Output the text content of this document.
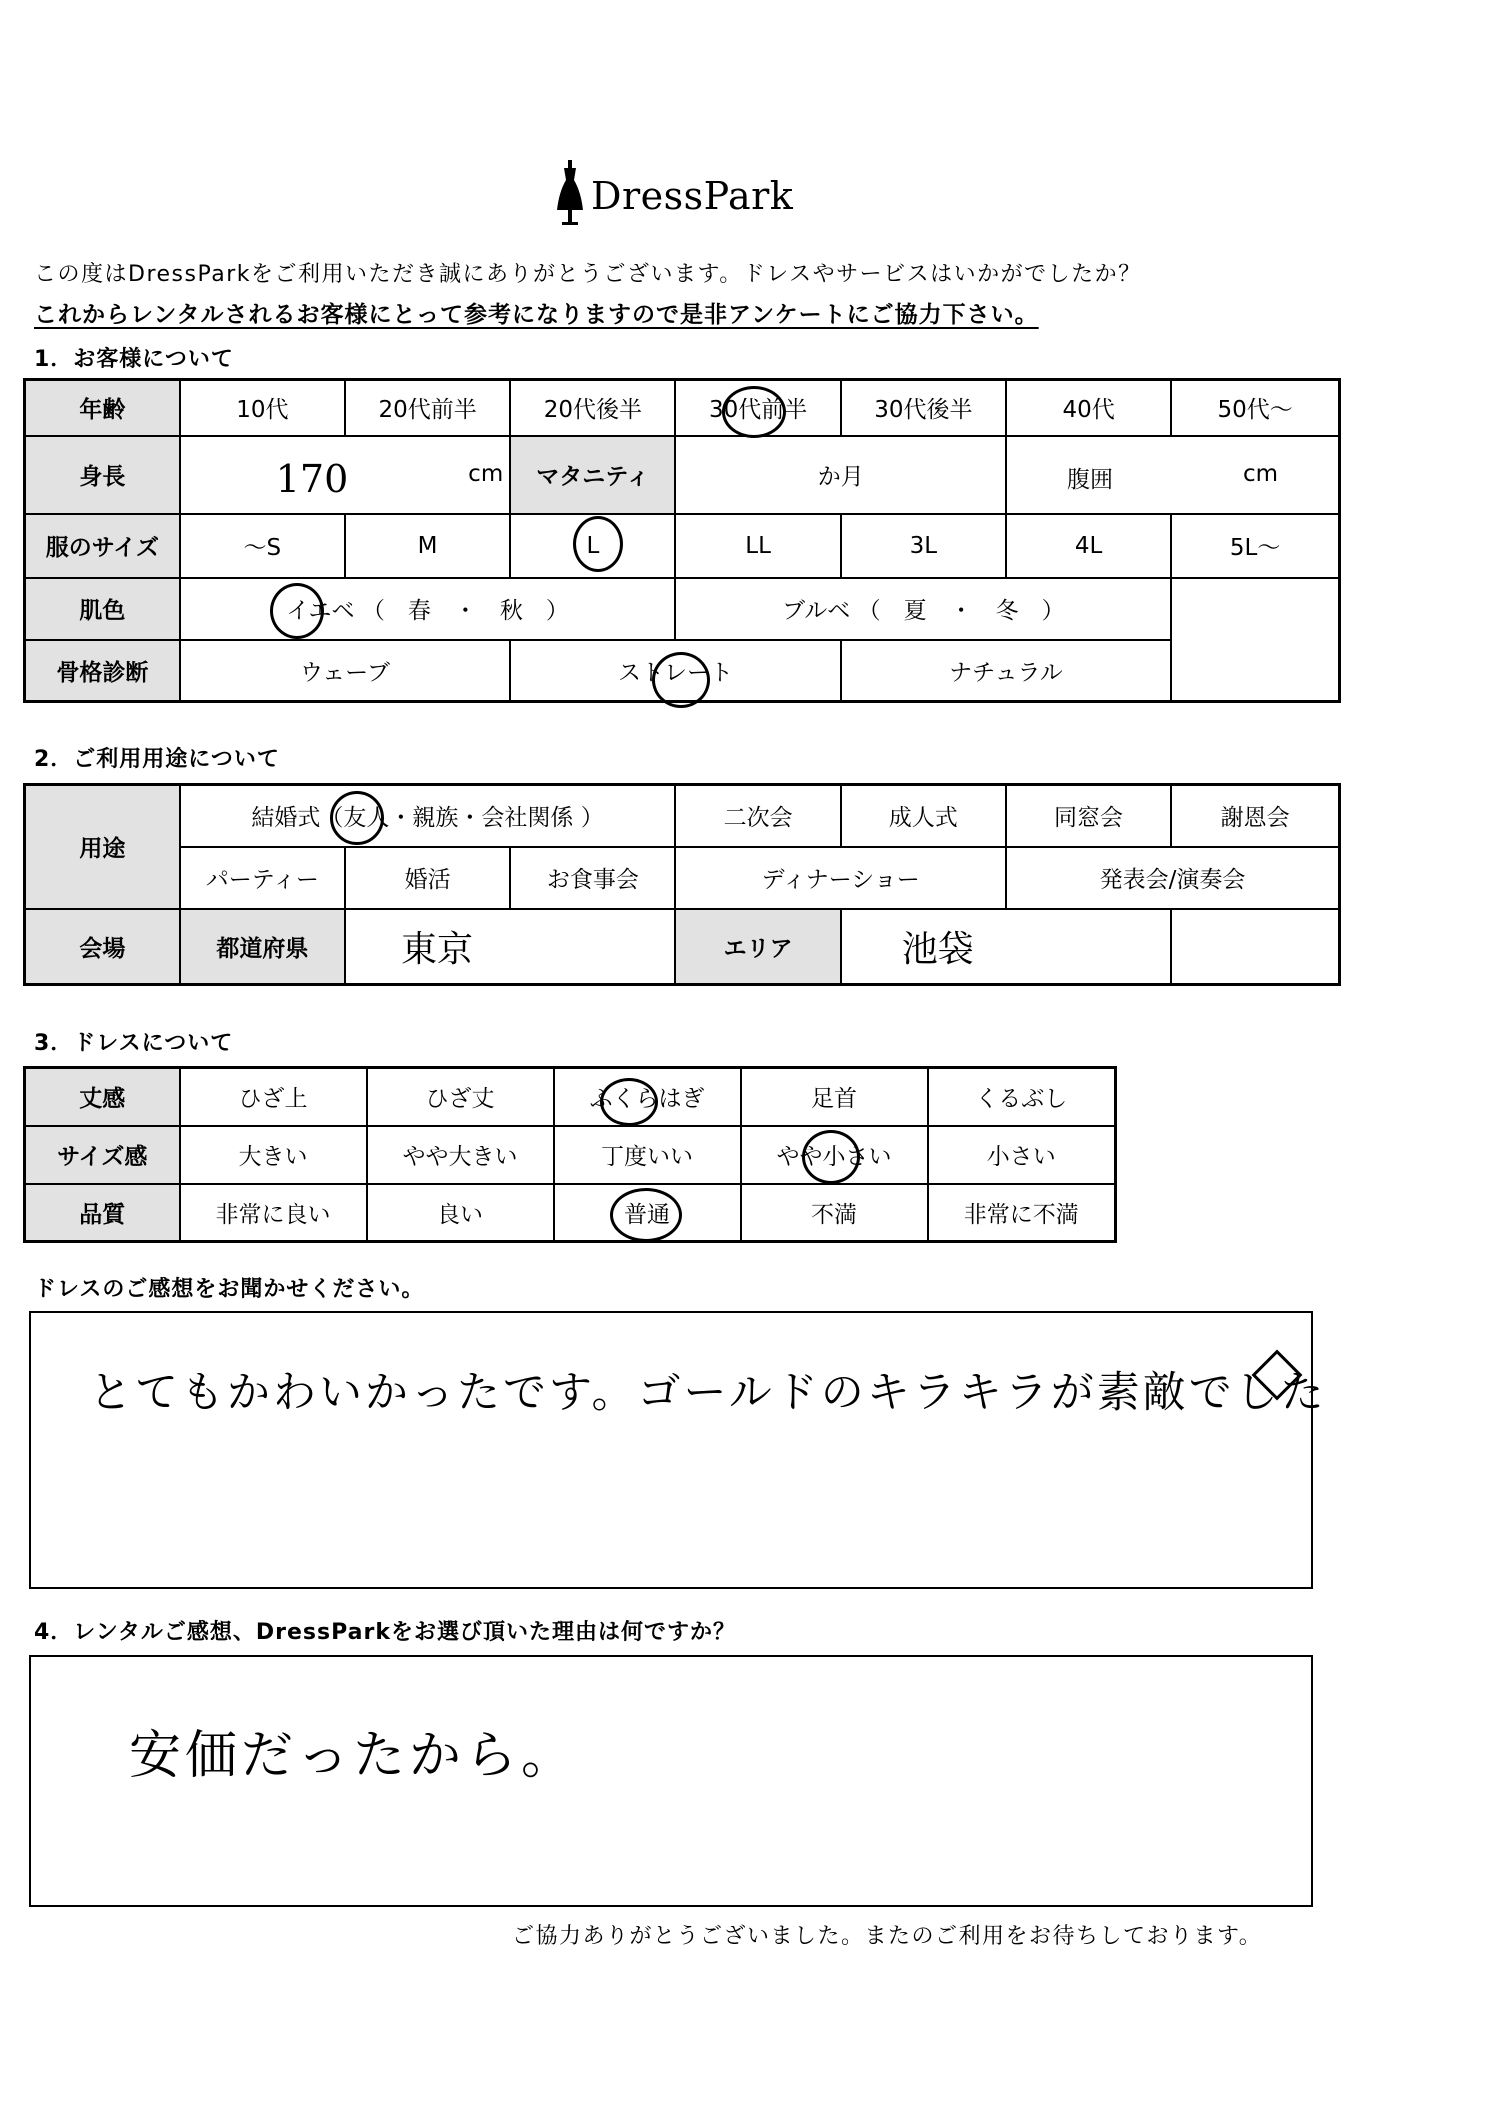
DressPark
この度はDressParkをご利用いただき誠にありがとうございます。ドレスやサービスはいかがでしたか？
これからレンタルされるお客様にとって参考になりますので是非アンケートにご協力下さい。
1．お客様について
年齢	10代	20代前半	20代後半	30代前半	30代後半	40代	50代〜
身長	170 cm		マタニティ	か月		腹囲 cm	

服のサイズ	〜S	M	L	LL	3L	4L	5L〜
肌色	イエベ （　春　・　秋　）			ブルベ （　夏　・　冬　）			
骨格診断	ウェーブ		ストレート		ナチュラル		
2．ご利用用途について
用途	結婚式（友人・親族・会社関係 ）			二次会	成人式	同窓会	謝恩会
	パーティー	婚活	お食事会	ディナーショー		発表会/演奏会	
会場	都道府県	東京		エリア	池袋		
3．ドレスについて
丈感	ひざ上	ひざ丈	ふくらはぎ	足首	くるぶし
サイズ感	大きい	やや大きい	丁度いい	やや小さい	小さい
品質	非常に良い	良い	普通	不満	非常に不満
ドレスのご感想をお聞かせください。
とてもかわいかったです。ゴールドのキラキラが素敵でした
4．レンタルご感想、DressParkをお選び頂いた理由は何ですか？
安価だったから。
ご協力ありがとうございました。またのご利用をお待ちしております。
